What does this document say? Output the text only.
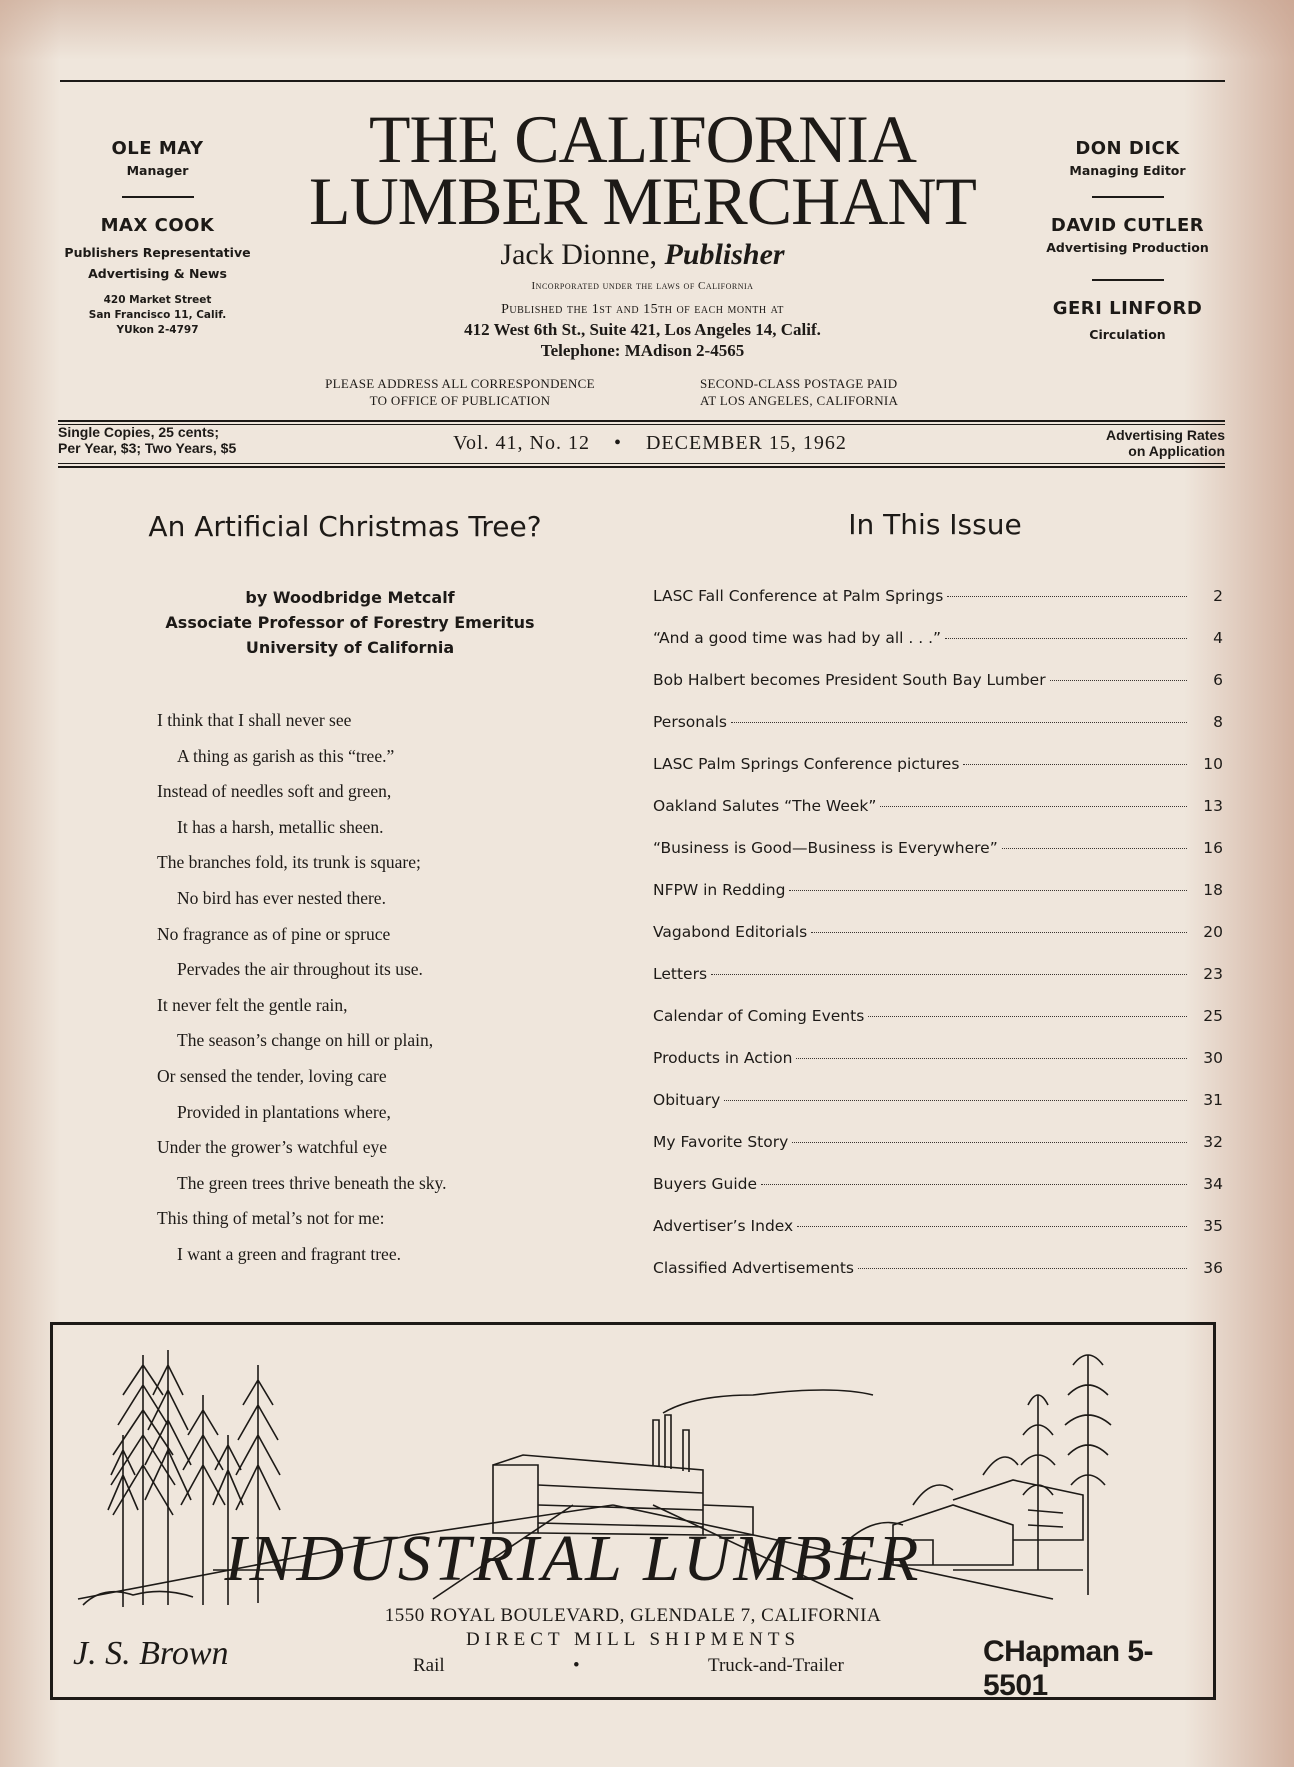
OLE MAY
Manager
MAX COOK
Publishers Representative
Advertising & News
420 Market Street
San Francisco 11, Calif.
YUkon 2-4797
DON DICK
Managing Editor
DAVID CUTLER
Advertising Production
GERI LINFORD
Circulation
THE CALIFORNIA
LUMBER MERCHANT
Jack Dionne, Publisher
Incorporated under the laws of California
Published the 1st and 15th of each month at
412 West 6th St., Suite 421, Los Angeles 14, Calif.
Telephone: MAdison 2-4565
PLEASE ADDRESS ALL CORRESPONDENCE
TO OFFICE OF PUBLICATION
SECOND-CLASS POSTAGE PAID
AT LOS ANGELES, CALIFORNIA
Single Copies, 25 cents;
Per Year, $3; Two Years, $5	Vol. 41, No. 12 • DECEMBER 15, 1962	Advertising Rates
on Application
An Artificial Christmas Tree?
by Woodbridge Metcalf
Associate Professor of Forestry Emeritus
University of California
I think that I shall never see
A thing as garish as this “tree.”
Instead of needles soft and green,
It has a harsh, metallic sheen.
The branches fold, its trunk is square;
No bird has ever nested there.
No fragrance as of pine or spruce
Pervades the air throughout its use.
It never felt the gentle rain,
The season’s change on hill or plain,
Or sensed the tender, loving care
Provided in plantations where,
Under the grower’s watchful eye
The green trees thrive beneath the sky.
This thing of metal’s not for me:
I want a green and fragrant tree.
In This Issue
LASC Fall Conference at Palm Springs	2
“And a good time was had by all . . .”	4
Bob Halbert becomes President South Bay Lumber	6
Personals	8
LASC Palm Springs Conference pictures	10
Oakland Salutes “The Week”	13
“Business is Good—Business is Everywhere”	16
NFPW in Redding	18
Vagabond Editorials	20
Letters	23
Calendar of Coming Events	25
Products in Action	30
Obituary	31
My Favorite Story	32
Buyers Guide	34
Advertiser’s Index	35
Classified Advertisements	36
INDUSTRIAL LUMBER
1550 ROYAL BOULEVARD, GLENDALE 7, CALIFORNIA
DIRECT MILL SHIPMENTS
Rail	•	Truck-and-Trailer
J. S. Brown	CHapman 5-5501
